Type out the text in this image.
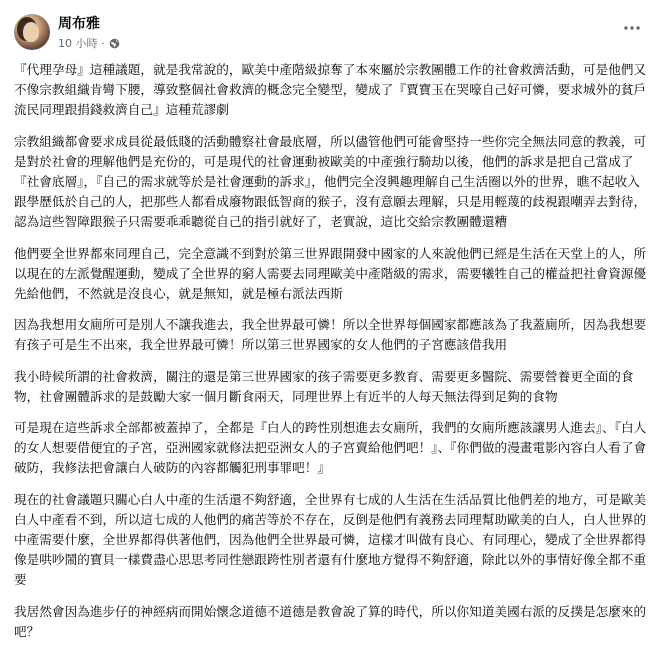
周布雅
10 小時 ·

『代理孕母』這種議題，就是我常說的，歐美中產階級掠奪了本來屬於宗教團體工作的社會救濟活動，可是他們又不像宗教組織肯彎下腰，導致整個社會救濟的概念完全變型，變成了『賈寶玉在哭嚎自己好可憐，要求城外的貧戶流民同理跟捐錢救濟自己』這種荒謬劇

宗教組織都會要求成員從最低賤的活動體察社會最底層，所以儘管他們可能會堅持一些你完全無法同意的教義，可是對於社會的理解他們是充份的，可是現代的社會運動被歐美的中產強行騎劫以後，他們的訴求是把自己當成了『社會底層』，『自己的需求就等於是社會運動的訴求』，他們完全沒興趣理解自己生活圈以外的世界，瞧不起收入跟學歷低於自己的人，把那些人都看成廢物跟低智商的猴子，沒有意願去理解，只是用輕蔑的歧視跟嘲弄去對待，認為這些智障跟猴子只需要乖乖聽從自己的指引就好了，老實說，這比交給宗教團體還糟

他們要全世界都來同理自己，完全意識不到對於第三世界跟開發中國家的人來說他們已經是生活在天堂上的人，所以現在的左派覺醒運動，變成了全世界的窮人需要去同理歐美中產階級的需求，需要犧牲自己的權益把社會資源優先給他們，不然就是沒良心，就是無知，就是極右派法西斯

因為我想用女廁所可是別人不讓我進去，我全世界最可憐！所以全世界每個國家都應該為了我蓋廁所，因為我想要有孩子可是生不出來，我全世界最可憐！所以第三世界國家的女人他們的子宮應該借我用

我小時候所謂的社會救濟，關注的還是第三世界國家的孩子需要更多教育、需要更多醫院、需要營養更全面的食物，社會團體訴求的是鼓勵大家一個月斷食兩天，同理世界上有近半的人每天無法得到足夠的食物

可是現在這些訴求全部都被蓋掉了，全都是『白人的跨性別想進去女廁所，我們的女廁所應該讓男人進去』、『白人的女人想要借便宜的子宮，亞洲國家就修法把亞洲女人的子宮賣給他們吧！』、『你們做的漫畫電影內容白人看了會破防，我修法把會讓白人破防的內容都觸犯刑事罪吧！』

現在的社會議題只關心白人中產的生活還不夠舒適，全世界有七成的人生活在生活品質比他們差的地方，可是歐美白人中產看不到，所以這七成的人他們的痛苦等於不存在，反倒是他們有義務去同理幫助歐美的白人，白人世界的中產需要什麼，全世界都得供著他們，因為他們全世界最可憐，這樣才叫做有良心、有同理心，變成了全世界都得像是哄吵鬧的寶貝一樣費盡心思思考同性戀跟跨性別者還有什麼地方覺得不夠舒適，除此以外的事情好像全都不重要

我居然會因為進步仔的神經病而開始懷念道德不道德是教會說了算的時代，所以你知道美國右派的反撲是怎麼來的吧？
